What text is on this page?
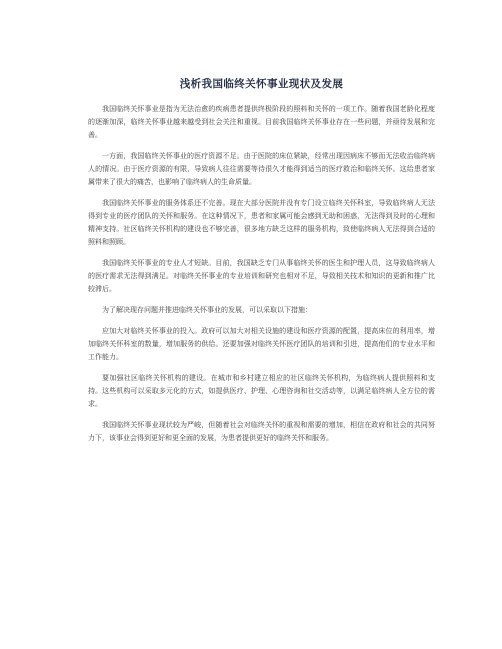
浅析我国临终关怀事业现状及发展

我国临终关怀事业是指为无法治愈的疾病患者提供终极阶段的照料和关怀的一项工作。随着我国老龄化程度的逐渐加深，临终关怀事业越来越受到社会关注和重视。目前我国临终关怀事业存在一些问题，并亟待发展和完善。

一方面，我国临终关怀事业的医疗资源不足。由于医院的床位紧缺，经常出现因病床不够而无法收治临终病人的情况。由于医疗资源的有限，导致病人往往需要等待很久才能得到适当的医疗救治和临终关怀。这给患者家属带来了很大的痛苦，也影响了临终病人的生命质量。

我国临终关怀事业的服务体系还不完善。现在大部分医院并没有专门设立临终关怀科室，导致临终病人无法得到专业的医疗团队的关怀和服务。在这种情况下，患者和家属可能会感到无助和困惑，无法得到及时的心理和精神支持。社区临终关怀机构的建设也不够完善，很多地方缺乏这样的服务机构，致使临终病人无法得到合适的照料和照顾。

我国临终关怀事业的专业人才短缺。目前，我国缺乏专门从事临终关怀的医生和护理人员，这导致临终病人的医疗需求无法得到满足。对临终关怀事业的专业培训和研究也相对不足，导致相关技术和知识的更新和推广比较滞后。

为了解决现存问题并推进临终关怀事业的发展，可以采取以下措施：

应加大对临终关怀事业的投入。政府可以加大对相关设施的建设和医疗资源的配置，提高床位的利用率，增加临终关怀科室的数量，增加服务的供给。还要加强对临终关怀医疗团队的培训和引进，提高他们的专业水平和工作能力。

要加强社区临终关怀机构的建设。在城市和乡村建立相应的社区临终关怀机构，为临终病人提供照料和支持。这些机构可以采取多元化的方式，如提供医疗、护理、心理咨询和社交活动等，以满足临终病人全方位的需求。

我国临终关怀事业现状较为严峻，但随着社会对临终关怀的重视和需要的增加，相信在政府和社会的共同努力下，该事业会得到更好和更全面的发展，为患者提供更好的临终关怀和服务。
